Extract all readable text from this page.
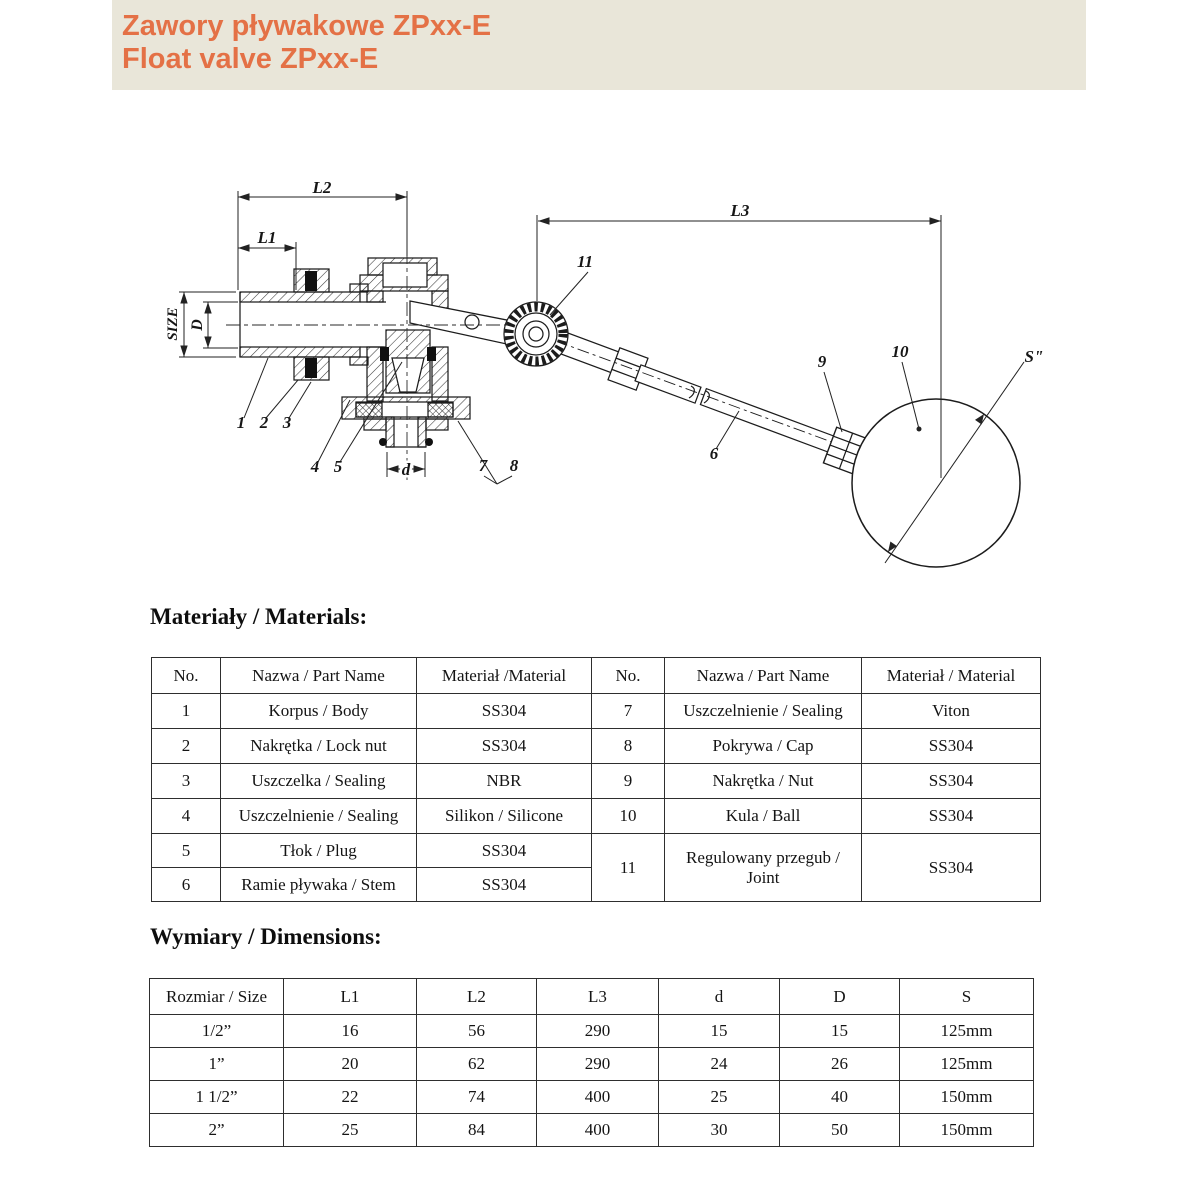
Zawory pływakowe ZPxx-E
Float valve ZPxx-E
L2
L1
L3
SIZE D
d
S"
1 2 3
4 5
6
7 8
9
10
11
Materiały / Materials:
No.	Nazwa / Part Name	Materiał /Material	No.	Nazwa / Part Name	Materiał / Material
1	Korpus / Body	SS304	7	Uszczelnienie / Sealing	Viton
2	Nakrętka / Lock nut	SS304	8	Pokrywa / Cap	SS304
3	Uszczelka / Sealing	NBR	9	Nakrętka / Nut	SS304
4	Uszczelnienie / Sealing	Silikon / Silicone	10	Kula / Ball	SS304
5	Tłok / Plug	SS304	11	Regulowany przegub / Joint	SS304
6	Ramie pływaka / Stem	SS304			
Wymiary / Dimensions:
Rozmiar / Size	L1	L2	L3	d	D	S
1/2”	16	56	290	15	15	125mm
1”	20	62	290	24	26	125mm
1 1/2”	22	74	400	25	40	150mm
2”	25	84	400	30	50	150mm
